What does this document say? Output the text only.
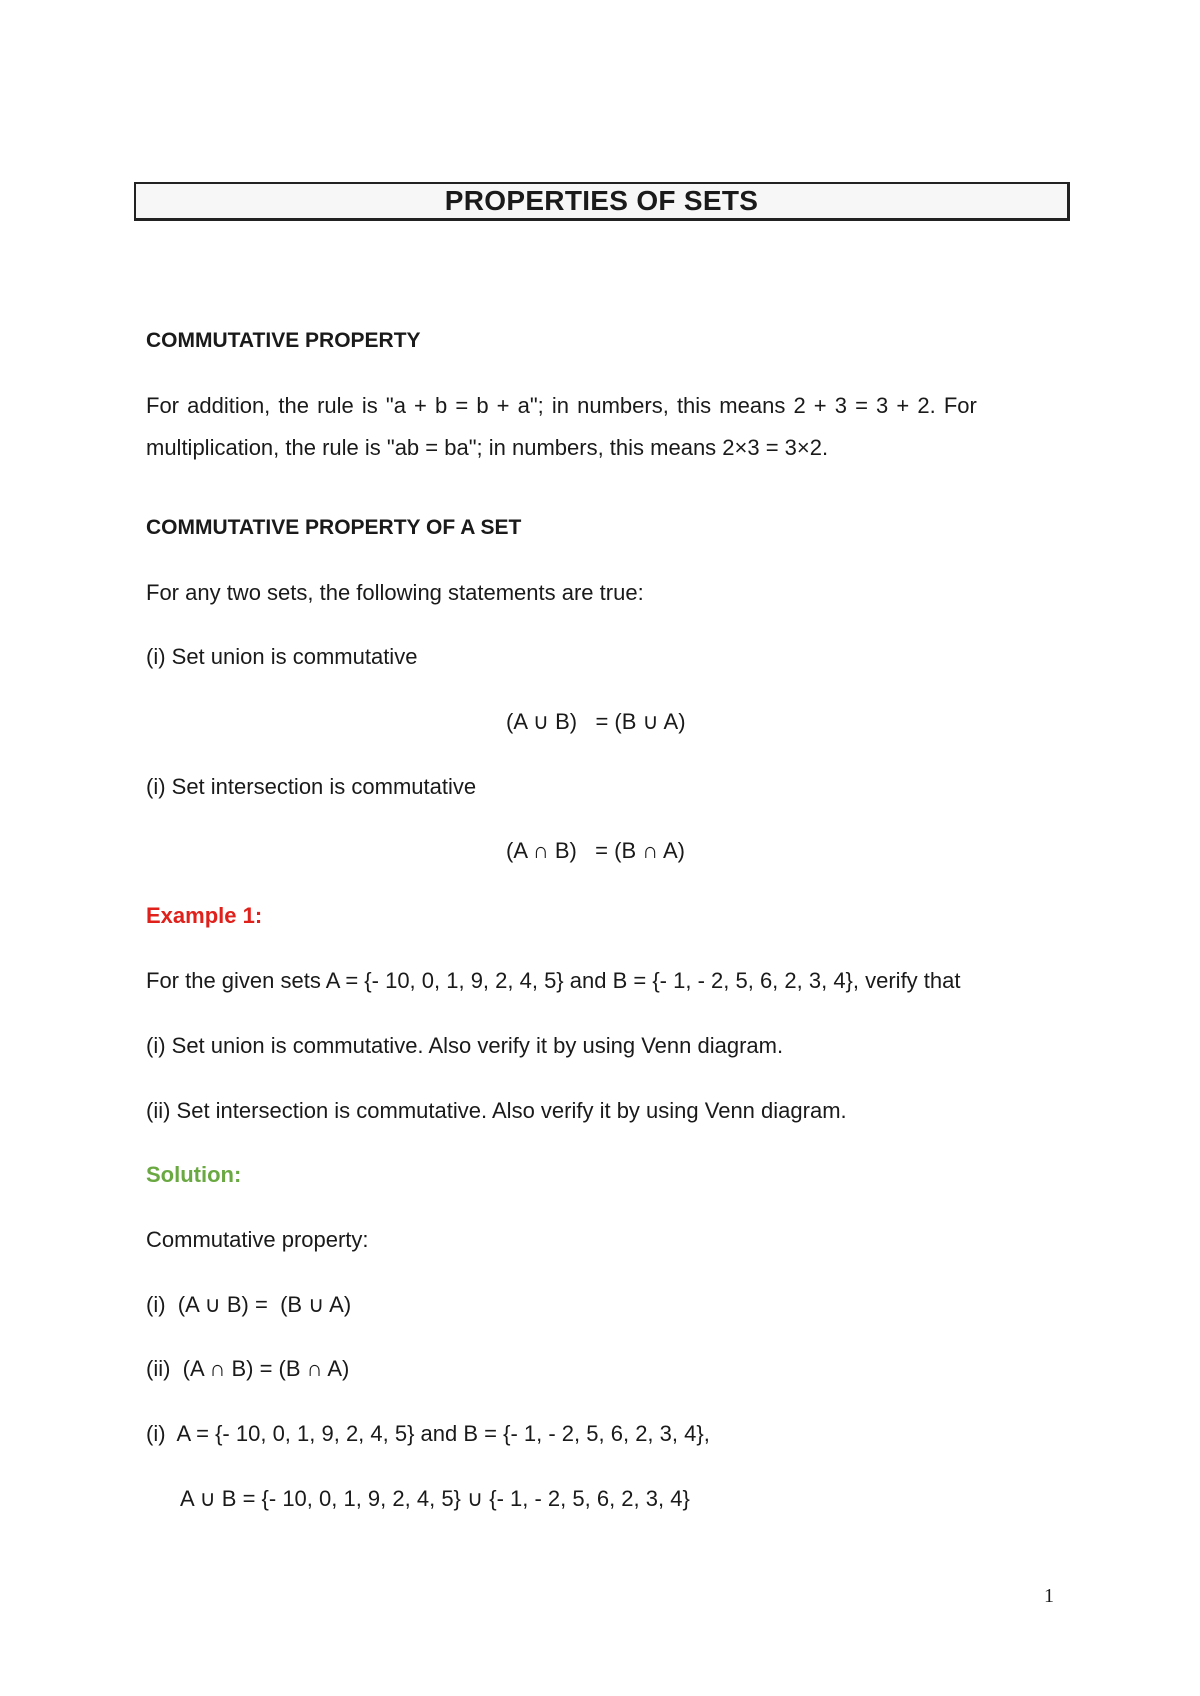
PROPERTIES OF SETS
COMMUTATIVE PROPERTY
For addition, the rule is "a + b = b + a"; in numbers, this means 2 + 3 = 3 + 2. For
multiplication, the rule is "ab = ba"; in numbers, this means 2×3 = 3×2.
COMMUTATIVE PROPERTY OF A SET
For any two sets, the following statements are true:
(i) Set union is commutative
(A ∪ B)   = (B ∪ A)
(i) Set intersection is commutative
(A ∩ B)   = (B ∩ A)
Example 1:
For the given sets A = {- 10, 0, 1, 9, 2, 4, 5} and B = {- 1, - 2, 5, 6, 2, 3, 4}, verify that
(i) Set union is commutative. Also verify it by using Venn diagram.
(ii) Set intersection is commutative. Also verify it by using Venn diagram.
Solution:
Commutative property:
(i)  (A ∪ B) =  (B ∪ A)
(ii)  (A ∩ B) = (B ∩ A)
(i)  A = {- 10, 0, 1, 9, 2, 4, 5} and B = {- 1, - 2, 5, 6, 2, 3, 4},
A ∪ B = {- 10, 0, 1, 9, 2, 4, 5} ∪ {- 1, - 2, 5, 6, 2, 3, 4}
1
